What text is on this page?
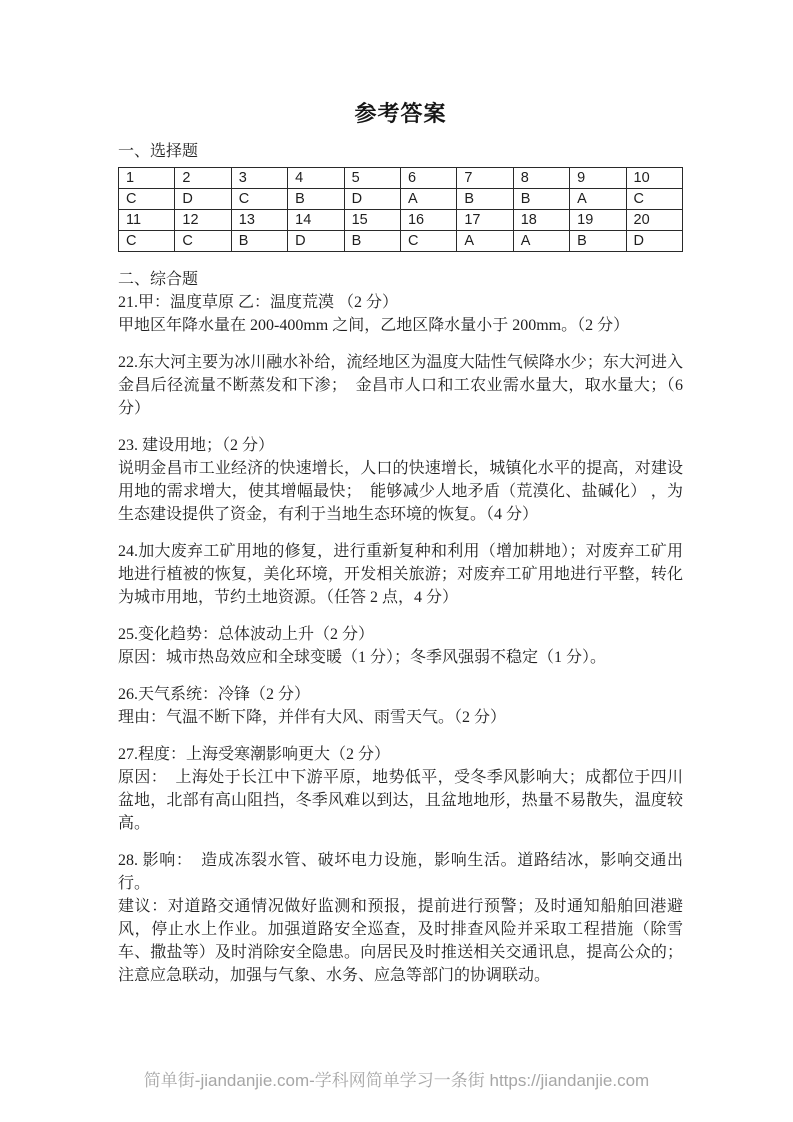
参考答案
一、选择题
1	2	3	4	5	6	7	8	9	10
C	D	C	B	D	A	B	B	A	C
11	12	13	14	15	16	17	18	19	20
C	C	B	D	B	C	A	A	B	D
二、综合题

21.甲：温度草原 乙：温度荒漠 （2 分）

甲地区年降水量在 200-400mm 之间，乙地区降水量小于 200mm。（2 分）

22.东大河主要为冰川融水补给，流经地区为温度大陆性气候降水少；东大河进入金昌后径流量不断蒸发和下渗；　金昌市人口和工农业需水量大，取水量大；（6 分）

23. 建设用地；（2 分）

说明金昌市工业经济的快速增长，人口的快速增长，城镇化水平的提高，对建设用地的需求增大，使其增幅最快；　能够减少人地矛盾（荒漠化、盐碱化） ，为生态建设提供了资金，有利于当地生态环境的恢复。（4 分）

24.加大废弃工矿用地的修复，进行重新复种和利用（增加耕地）；对废弃工矿用地进行植被的恢复，美化环境，开发相关旅游；对废弃工矿用地进行平整，转化为城市用地，节约土地资源。（任答 2 点，4 分）

25.变化趋势：总体波动上升（2 分）

原因：城市热岛效应和全球变暖（1 分）；冬季风强弱不稳定（1 分）。

26.天气系统：冷锋（2 分）

理由：气温不断下降，并伴有大风、雨雪天气。（2 分）

27.程度：上海受寒潮影响更大（2 分）

原因：　上海处于长江中下游平原，地势低平，受冬季风影响大；成都位于四川盆地，北部有高山阻挡，冬季风难以到达，且盆地地形，热量不易散失，温度较高。

28. 影响：　造成冻裂水管、破坏电力设施，影响生活。道路结冰，影响交通出行。

建议：对道路交通情况做好监测和预报，提前进行预警；及时通知船舶回港避风，停止水上作业。加强道路安全巡查，及时排查风险并采取工程措施（除雪车、撒盐等）及时消除安全隐患。向居民及时推送相关交通讯息，提高公众的；注意应急联动，加强与气象、水务、应急等部门的协调联动。

简单街-jiandanjie.com-学科网简单学习一条街 https://jiandanjie.com
